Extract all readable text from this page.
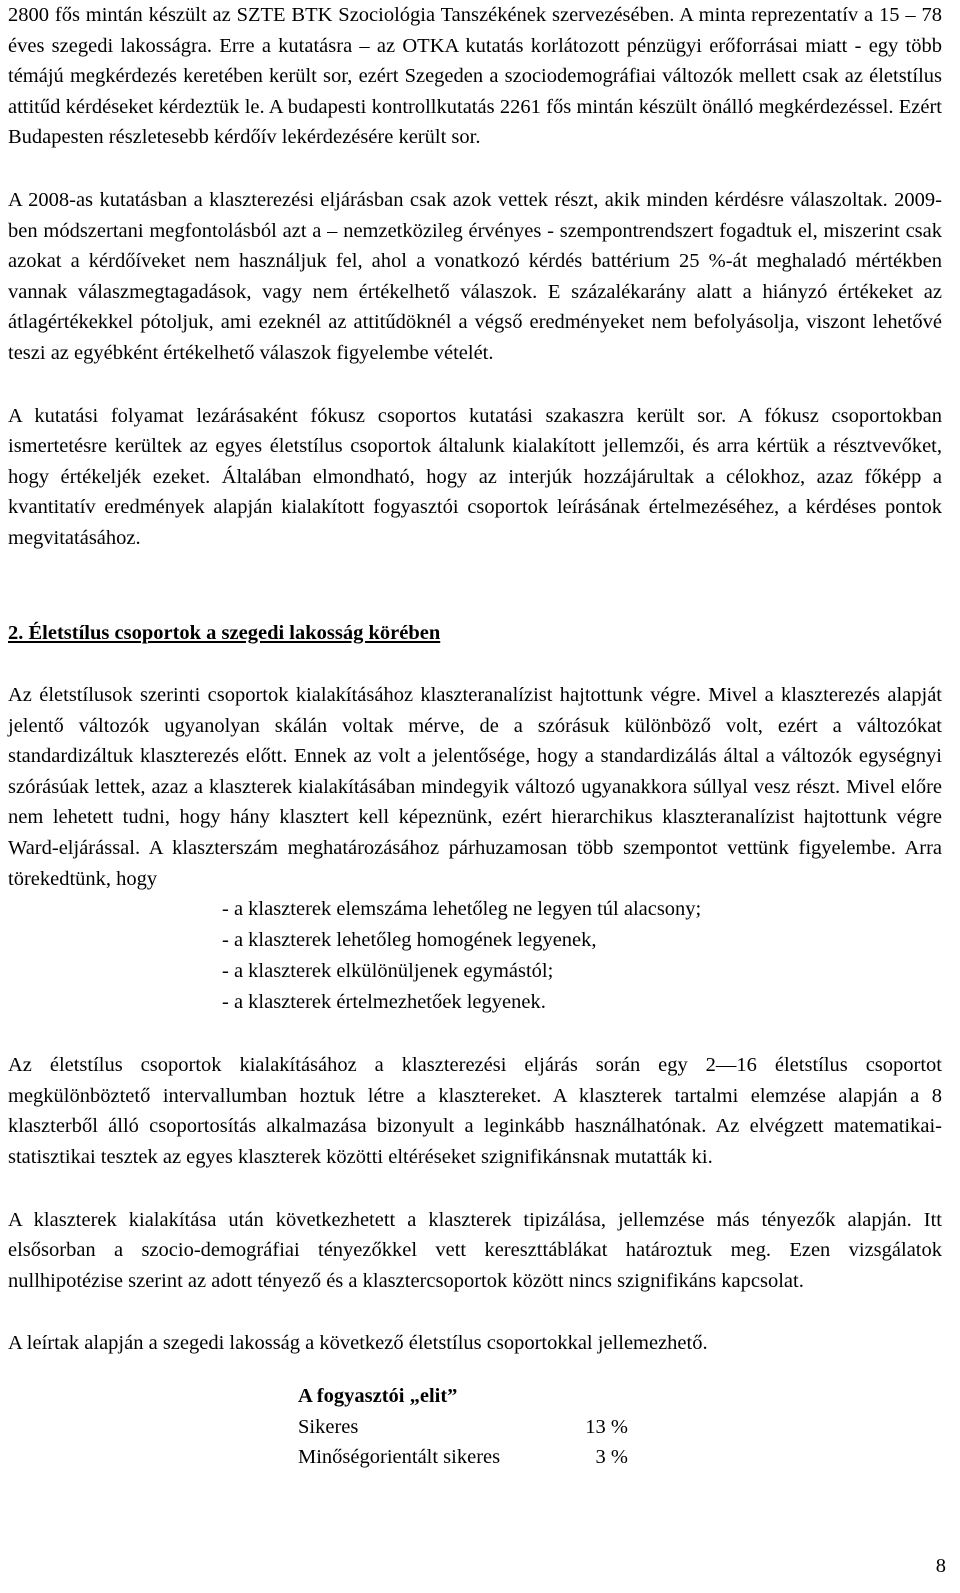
2800 fős mintán készült az SZTE BTK Szociológia Tanszékének szervezésében. A minta reprezentatív a 15 – 78 éves szegedi lakosságra. Erre a kutatásra – az OTKA kutatás korlátozott pénzügyi erőforrásai miatt - egy több témájú megkérdezés keretében került sor, ezért Szegeden a szociodemográfiai változók mellett csak az életstílus attitűd kérdéseket kérdeztük le. A budapesti kontrollkutatás 2261 fős mintán készült önálló megkérdezéssel. Ezért Budapesten részletesebb kérdőív lekérdezésére került sor.

A 2008-as kutatásban a klaszterezési eljárásban csak azok vettek részt, akik minden kérdésre válaszoltak. 2009-ben módszertani megfontolásból azt a – nemzetközileg érvényes - szempontrendszert fogadtuk el, miszerint csak azokat a kérdőíveket nem használjuk fel, ahol a vonatkozó kérdés battérium 25 %-át meghaladó mértékben vannak válaszmegtagadások, vagy nem értékelhető válaszok. E százalékarány alatt a hiányzó értékeket az átlagértékekkel pótoljuk, ami ezeknél az attitűdöknél a végső eredményeket nem befolyásolja, viszont lehetővé teszi az egyébként értékelhető válaszok figyelembe vételét.

A kutatási folyamat lezárásaként fókusz csoportos kutatási szakaszra került sor. A fókusz csoportokban ismertetésre kerültek az egyes életstílus csoportok általunk kialakított jellemzői, és arra kértük a résztvevőket, hogy értékeljék ezeket. Általában elmondható, hogy az interjúk hozzájárultak a célokhoz, azaz főképp a kvantitatív eredmények alapján kialakított fogyasztói csoportok leírásának értelmezéséhez, a kérdéses pontok megvitatásához.

2. Életstílus csoportok a szegedi lakosság körében

Az életstílusok szerinti csoportok kialakításához klaszteranalízist hajtottunk végre. Mivel a klaszterezés alapját jelentő változók ugyanolyan skálán voltak mérve, de a szórásuk különböző volt, ezért a változókat standardizáltuk klaszterezés előtt. Ennek az volt a jelentősége, hogy a standardizálás által a változók egységnyi szórásúak lettek, azaz a klaszterek kialakításában mindegyik változó ugyanakkora súllyal vesz részt. Mivel előre nem lehetett tudni, hogy hány klasztert kell képeznünk, ezért hierarchikus klaszteranalízist hajtottunk végre Ward-eljárással. A klaszterszám meghatározásához párhuzamosan több szempontot vettünk figyelembe. Arra törekedtünk, hogy

- a klaszterek elemszáma lehetőleg ne legyen túl alacsony;
- a klaszterek lehetőleg homogének legyenek,
- a klaszterek elkülönüljenek egymástól;
- a klaszterek értelmezhetőek legyenek.

Az életstílus csoportok kialakításához a klaszterezési eljárás során egy 2—16 életstílus csoportot megkülönböztető intervallumban hoztuk létre a klasztereket. A klaszterek tartalmi elemzése alapján a 8 klaszterből álló csoportosítás alkalmazása bizonyult a leginkább használhatónak. Az elvégzett matematikai-statisztikai tesztek az egyes klaszterek közötti eltéréseket szignifikánsnak mutatták ki.

A klaszterek kialakítása után következhetett a klaszterek tipizálása, jellemzése más tényezők alapján. Itt elsősorban a szocio-demográfiai tényezőkkel vett kereszttáblákat határoztuk meg. Ezen vizsgálatok nullhipotézise szerint az adott tényező és a klasztercsoportok között nincs szignifikáns kapcsolat.

A leírtak alapján a szegedi lakosság a következő életstílus csoportokkal jellemezhető.

A fogyasztói „elit”
Sikeres	13 %
Minőségorientált sikeres	3 %
8
